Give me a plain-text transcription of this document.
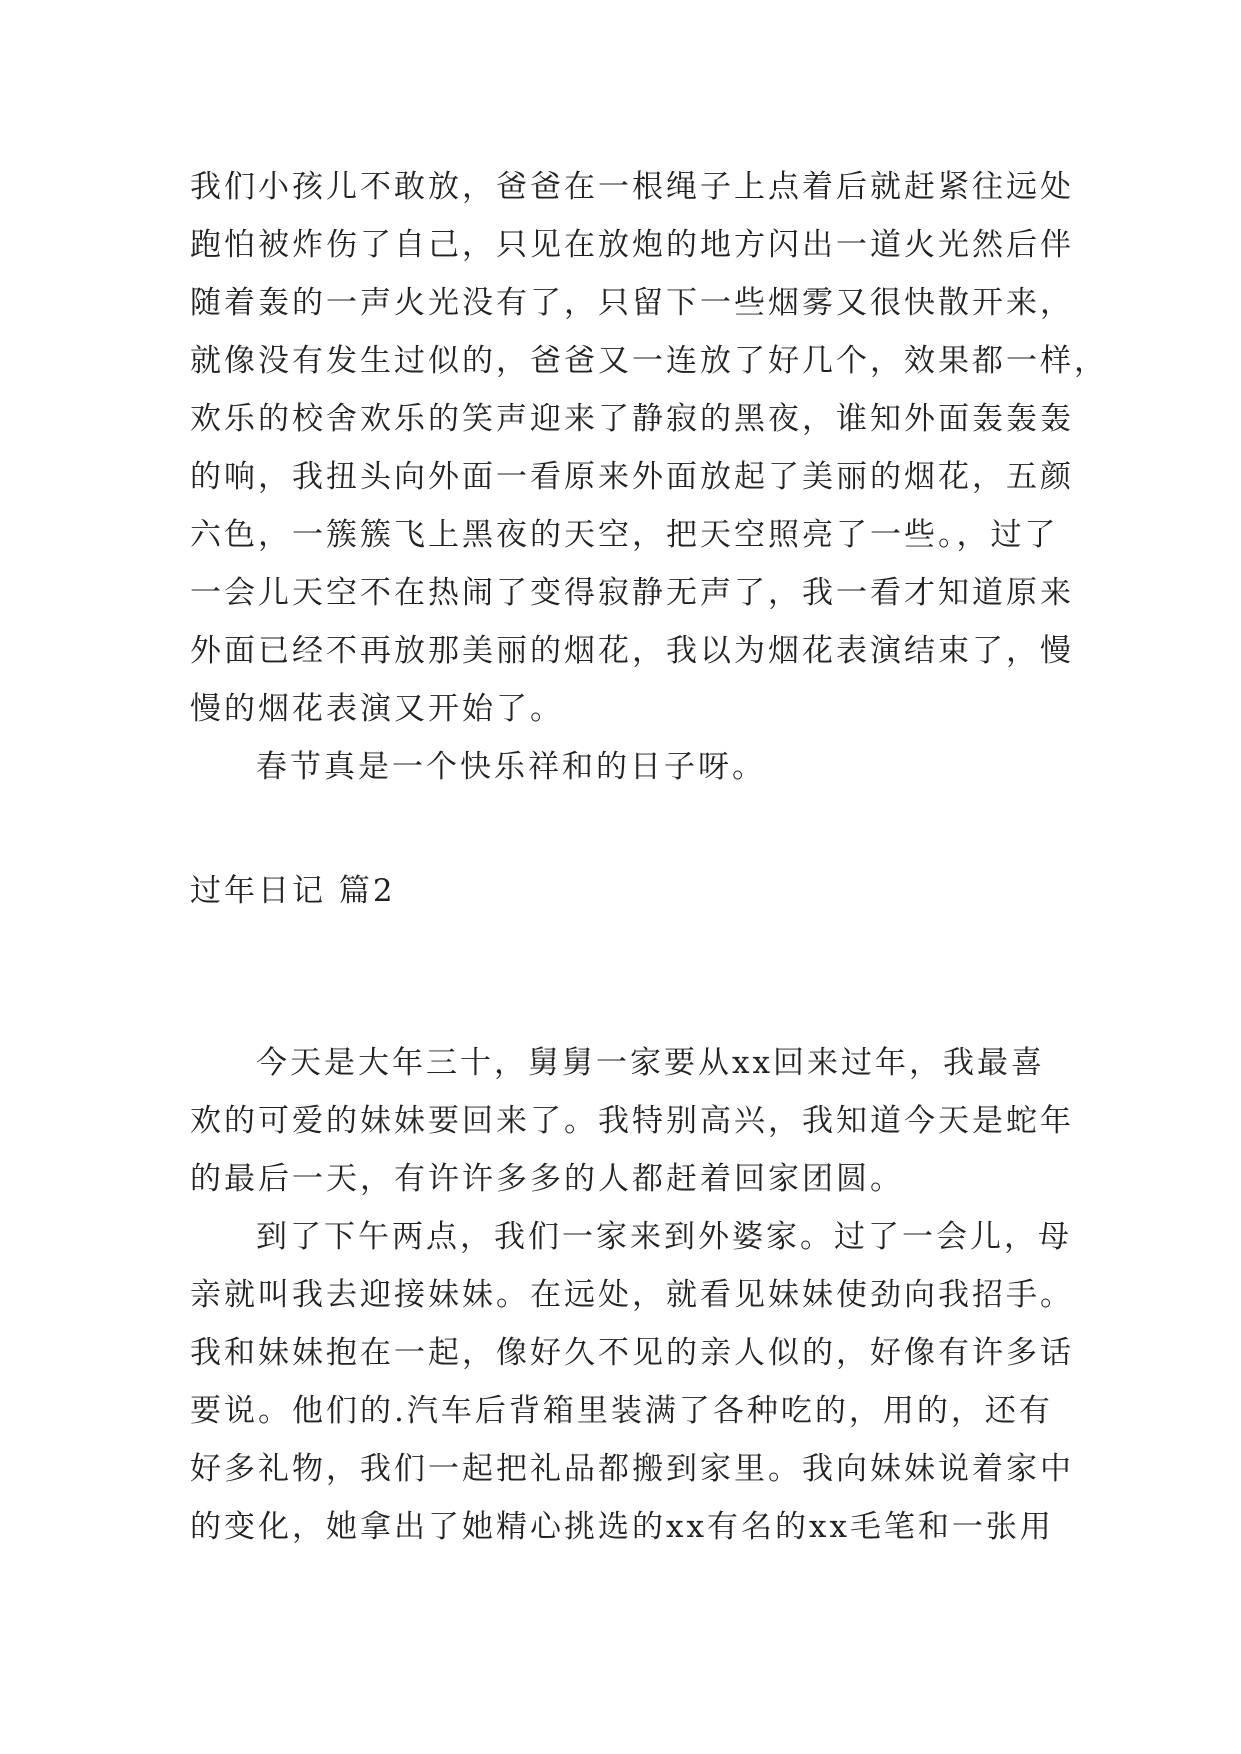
我们小孩儿不敢放，爸爸在一根绳子上点着后就赶紧往远处
跑怕被炸伤了自己，只见在放炮的地方闪出一道火光然后伴
随着轰的一声火光没有了，只留下一些烟雾又很快散开来，
就像没有发生过似的，爸爸又一连放了好几个，效果都一样，
欢乐的校舍欢乐的笑声迎来了静寂的黑夜，谁知外面轰轰轰
的响，我扭头向外面一看原来外面放起了美丽的烟花，五颜
六色，一簇簇飞上黑夜的天空，把天空照亮了一些。，过了
一会儿天空不在热闹了变得寂静无声了，我一看才知道原来
外面已经不再放那美丽的烟花，我以为烟花表演结束了，慢
慢的烟花表演又开始了。
春节真是一个快乐祥和的日子呀。
过年日记 篇2
今天是大年三十，舅舅一家要从xx回来过年，我最喜
欢的可爱的妹妹要回来了。我特别高兴，我知道今天是蛇年
的最后一天，有许许多多的人都赶着回家团圆。
到了下午两点，我们一家来到外婆家。过了一会儿，母
亲就叫我去迎接妹妹。在远处，就看见妹妹使劲向我招手。
我和妹妹抱在一起，像好久不见的亲人似的，好像有许多话
要说。他们的.汽车后背箱里装满了各种吃的，用的，还有
好多礼物，我们一起把礼品都搬到家里。我向妹妹说着家中
的变化，她拿出了她精心挑选的xx有名的xx毛笔和一张用
